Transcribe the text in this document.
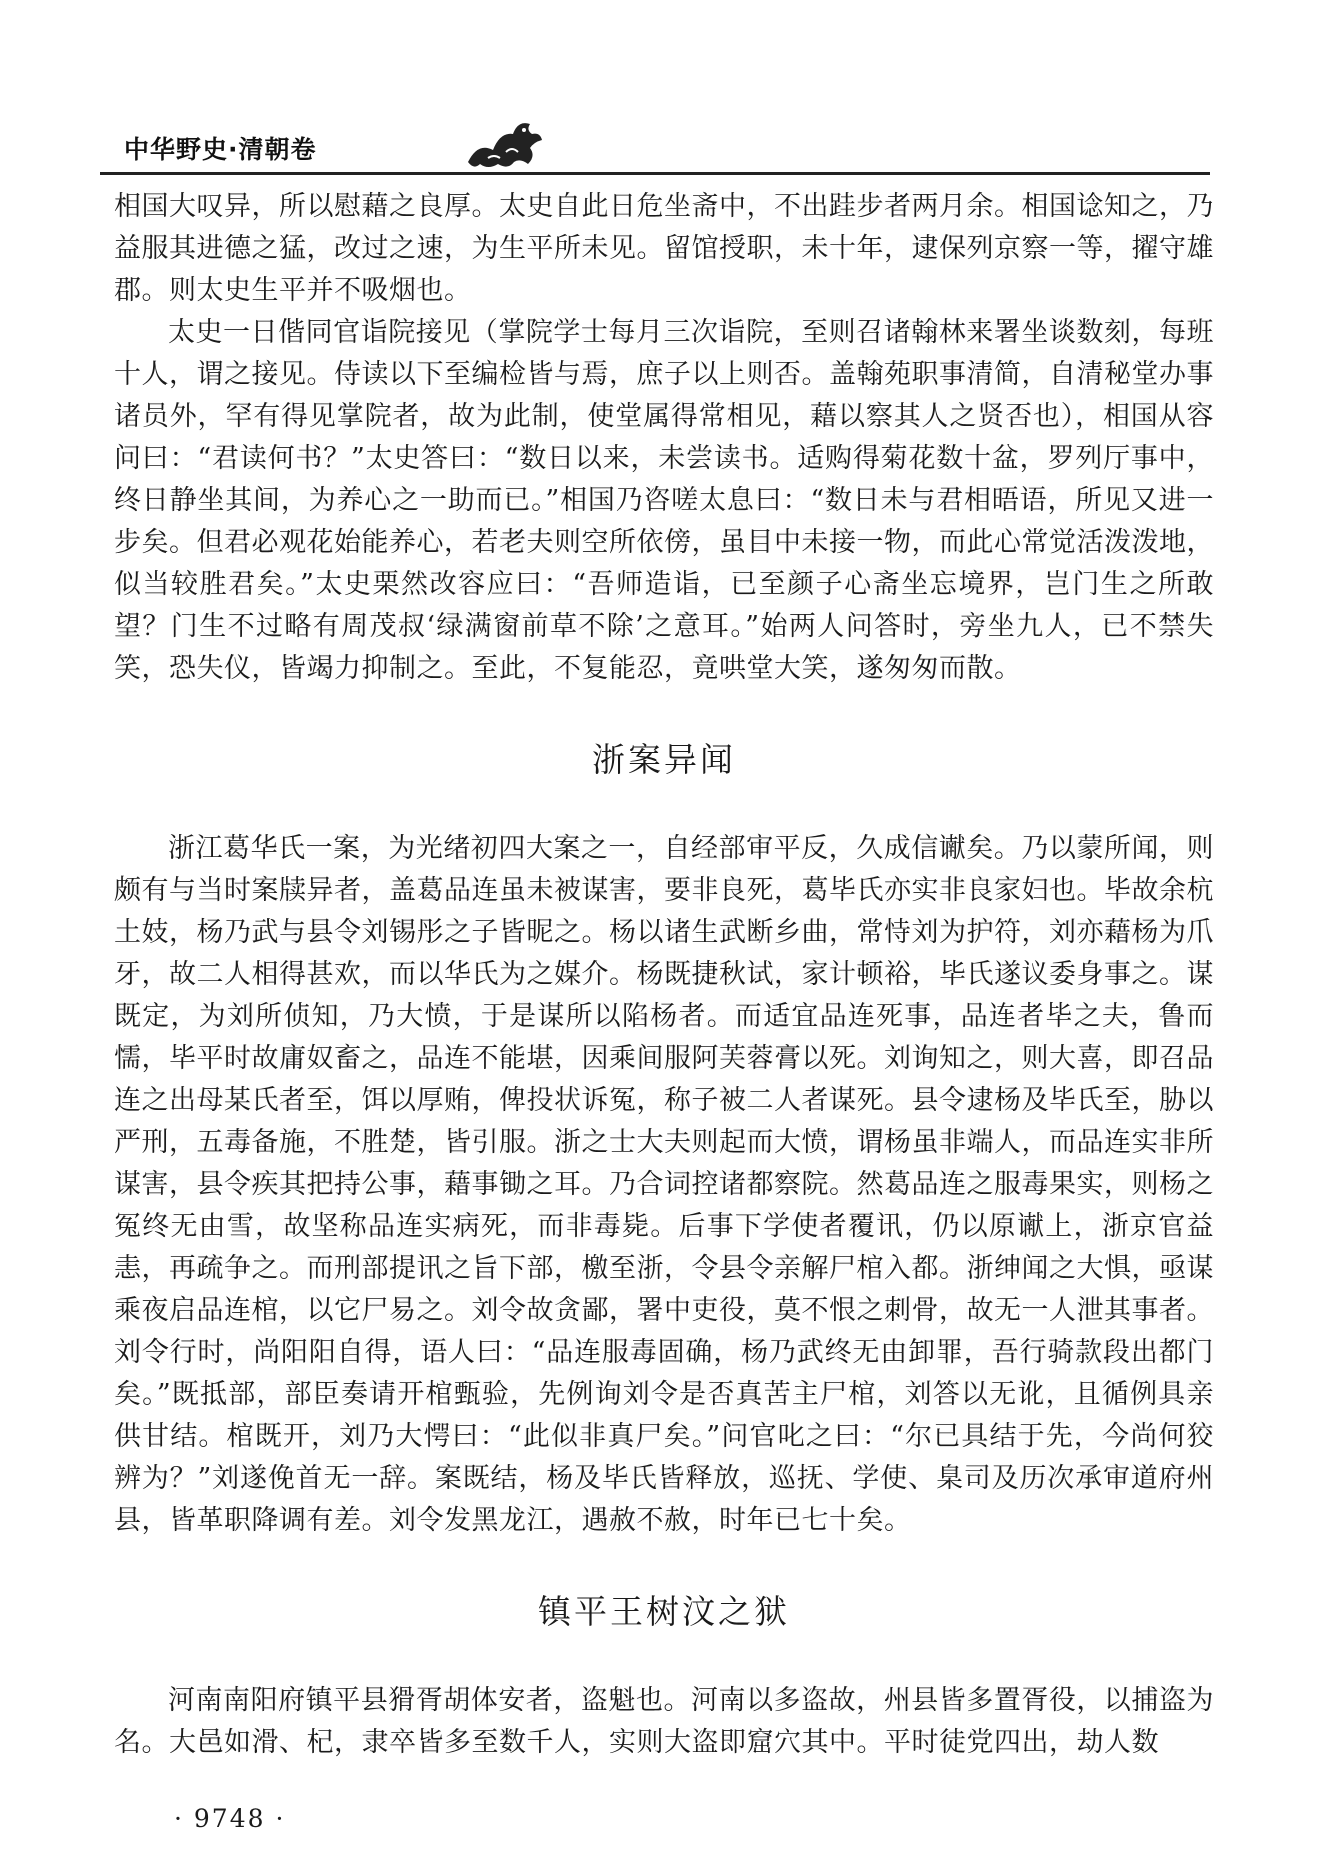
中华野史·清朝卷

相国大叹异，所以慰藉之良厚。太史自此日危坐斋中，不出跬步者两月余。相国谂知之，乃益服其进德之猛，改过之速，为生平所未见。留馆授职，未十年，逮保列京察一等，擢守雄郡。则太史生平并不吸烟也。

太史一日偕同官诣院接见（掌院学士每月三次诣院，至则召诸翰林来署坐谈数刻，每班十人，谓之接见。侍读以下至编检皆与焉，庶子以上则否。盖翰苑职事清简，自清秘堂办事诸员外，罕有得见掌院者，故为此制，使堂属得常相见，藉以察其人之贤否也），相国从容问曰：“君读何书？”太史答曰：“数日以来，未尝读书。适购得菊花数十盆，罗列厅事中，终日静坐其间，为养心之一助而已。”相国乃咨嗟太息曰：“数日未与君相晤语，所见又进一步矣。但君必观花始能养心，若老夫则空所依傍，虽目中未接一物，而此心常觉活泼泼地，似当较胜君矣。”太史栗然改容应曰：“吾师造诣，已至颜子心斋坐忘境界，岂门生之所敢望？门生不过略有周茂叔‘绿满窗前草不除’之意耳。”始两人问答时，旁坐九人，已不禁失笑，恐失仪，皆竭力抑制之。至此，不复能忍，竟哄堂大笑，遂匆匆而散。

浙案异闻

浙江葛华氏一案，为光绪初四大案之一，自经部审平反，久成信谳矣。乃以蒙所闻，则颇有与当时案牍异者，盖葛品连虽未被谋害，要非良死，葛毕氏亦实非良家妇也。毕故余杭土妓，杨乃武与县令刘锡彤之子皆昵之。杨以诸生武断乡曲，常恃刘为护符，刘亦藉杨为爪牙，故二人相得甚欢，而以华氏为之媒介。杨既捷秋试，家计顿裕，毕氏遂议委身事之。谋既定，为刘所侦知，乃大愤，于是谋所以陷杨者。而适宜品连死事，品连者毕之夫，鲁而懦，毕平时故庸奴畜之，品连不能堪，因乘间服阿芙蓉膏以死。刘询知之，则大喜，即召品连之出母某氏者至，饵以厚贿，俾投状诉冤，称子被二人者谋死。县令逮杨及毕氏至，胁以严刑，五毒备施，不胜楚，皆引服。浙之士大夫则起而大愤，谓杨虽非端人，而品连实非所谋害，县令疾其把持公事，藉事锄之耳。乃合词控诸都察院。然葛品连之服毒果实，则杨之冤终无由雪，故坚称品连实病死，而非毒毙。后事下学使者覆讯，仍以原谳上，浙京官益恚，再疏争之。而刑部提讯之旨下部，檄至浙，令县令亲解尸棺入都。浙绅闻之大惧，亟谋乘夜启品连棺，以它尸易之。刘令故贪鄙，署中吏役，莫不恨之刺骨，故无一人泄其事者。刘令行时，尚阳阳自得，语人曰：“品连服毒固确，杨乃武终无由卸罪，吾行骑款段出都门矣。”既抵部，部臣奏请开棺甄验，先例询刘令是否真苦主尸棺，刘答以无讹，且循例具亲供甘结。棺既开，刘乃大愕曰：“此似非真尸矣。”问官叱之曰：“尔已具结于先，今尚何狡辨为？”刘遂俛首无一辞。案既结，杨及毕氏皆释放，巡抚、学使、臬司及历次承审道府州县，皆革职降调有差。刘令发黑龙江，遇赦不赦，时年已七十矣。

镇平王树汶之狱

河南南阳府镇平县猾胥胡体安者，盗魁也。河南以多盗故，州县皆多置胥役，以捕盗为名。大邑如滑、杞，隶卒皆多至数千人，实则大盗即窟穴其中。平时徒党四出，劫人数

· 9748 ·
